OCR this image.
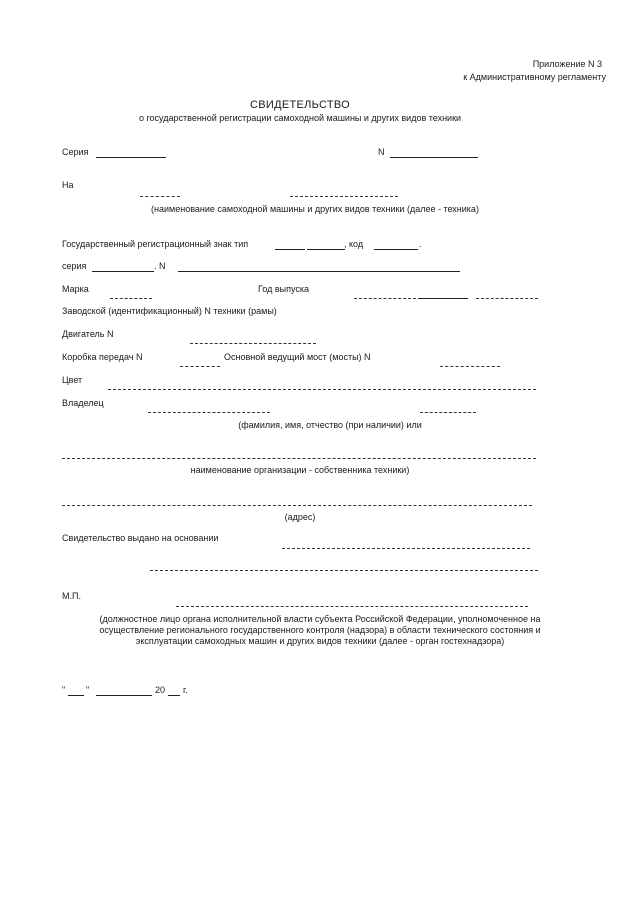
Приложение N 3
к Административному регламенту
СВИДЕТЕЛЬСТВО
о государственной регистрации самоходной машины и других видов техники
Серия	N
На
(наименование самоходной машины и других видов техники (далее - техника)
Государственный регистрационный знак тип	, код	.
серия	. N
Марка	Год выпуска
Заводской (идентификационный) N техники (рамы)
Двигатель N
Коробка передач N	Основной ведущий мост (мосты) N
Цвет
Владелец
(фамилия, имя, отчество (при наличии) или
наименование организации - собственника техники)
(адрес)
Свидетельство выдано на основании
М.П.
(должностное лицо органа исполнительной власти субъекта Российской Федерации, уполномоченное на осуществление регионального государственного контроля (надзора) в области технического состояния и эксплуатации самоходных машин и других видов техники (далее - орган гостехнадзора)
" "	20 г.
